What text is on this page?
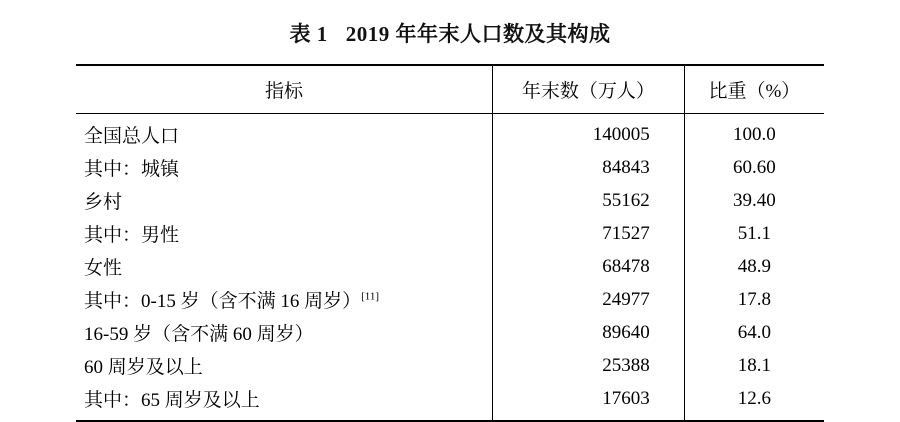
表 1 2019 年年末人口数及其构成
指标	年末数（万人）	比重（%）
全国总人口	140005	100.0
其中：城镇	84843	60.60
乡村	55162	39.40
其中：男性	71527	51.1
女性	68478	48.9
其中：0-15 岁（含不满 16 周岁）[11]	24977	17.8
16-59 岁（含不满 60 周岁）	89640	64.0
60 周岁及以上	25388	18.1
其中：65 周岁及以上	17603	12.6
